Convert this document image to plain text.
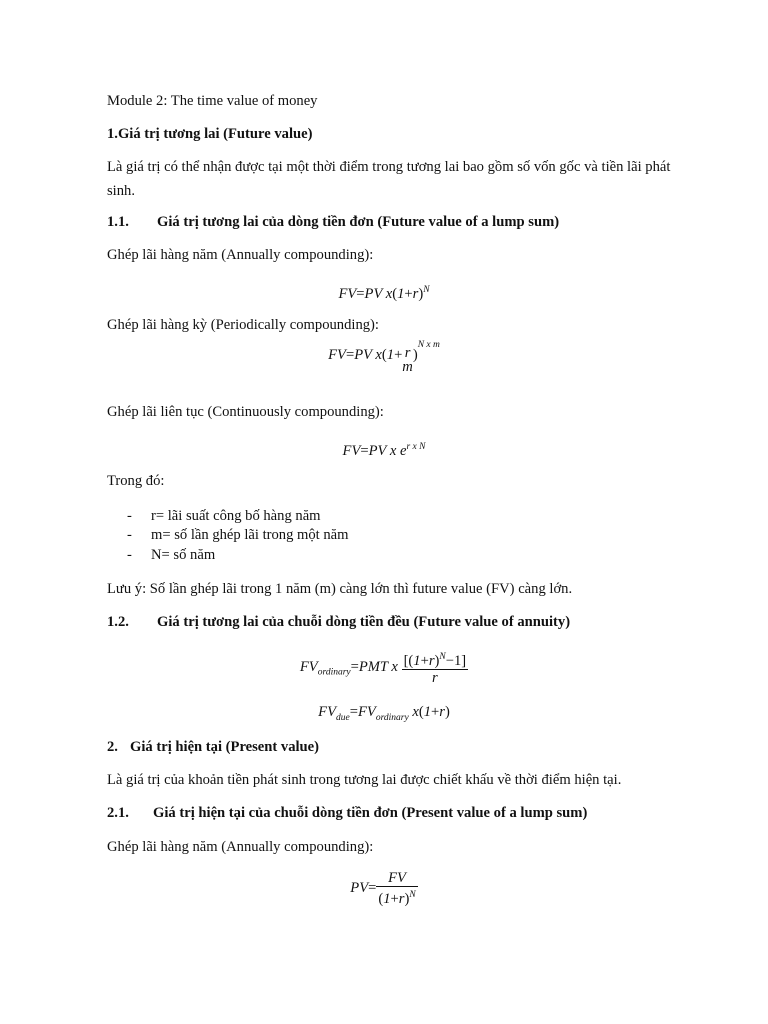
Module 2: The time value of money
1.Giá trị tương lai (Future value)
Là giá trị có thể nhận được tại một thời điểm trong tương lai bao gồm số vốn gốc và tiền lãi phát sinh.
1.1. Giá trị tương lai của dòng tiền đơn (Future value of a lump sum)
Ghép lãi hàng năm (Annually compounding):
FV=PV $x(1+r)^N$
Ghép lãi hàng kỳ (Periodically compounding):
FV=PV x(1+ r
m
)$^{N x m}$
Ghép lãi liên tục (Continuously compounding):
FV=PV x $e^{r x N}$
Trong đó:
- r= lãi suất công bố hàng năm
- m= số lần ghép lãi trong một năm
- N= số năm
Lưu ý: Số lần ghép lãi trong 1 năm (m) càng lớn thì future value (FV) càng lớn.
1.2. Giá trị tương lai của chuỗi dòng tiền đều (Future value of annuity)
$FV_{ordinary}=PMT$ x $\frac{[(1+r)^N-1]}{r}$
$FV_{due}=FV_{ordinary}$ x(1+r)
2. Giá trị hiện tại (Present value)
Là giá trị của khoản tiền phát sinh trong tương lai được chiết khấu về thời điểm hiện tại.
2.1. Giá trị hiện tại của chuỗi dòng tiền đơn (Present value of a lump sum)
Ghép lãi hàng năm (Annually compounding):
$PV= \frac{FV}{(1+r)^N}$
